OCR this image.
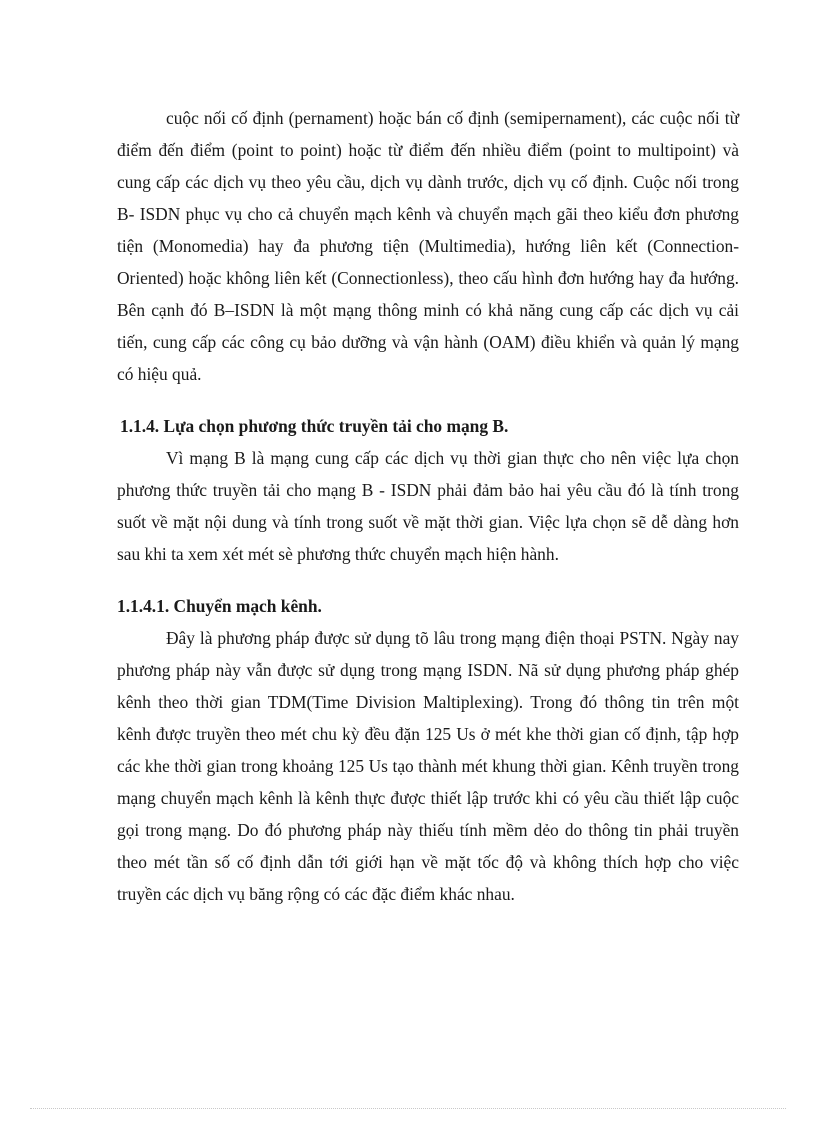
cuộc nối cố định (pernament) hoặc bán cố định (semipernament), các cuộc nối từ điểm đến điểm (point to point) hoặc từ điểm đến nhiều điểm (point to multipoint) và cung cấp các dịch vụ theo yêu cầu, dịch vụ dành trước, dịch vụ cố định. Cuộc nối trong B- ISDN phục vụ cho cả chuyển mạch kênh và chuyển mạch gãi theo kiểu đơn phương tiện (Monomedia) hay đa phương tiện (Multimedia), hướng liên kết (Connection-Oriented) hoặc không liên kết (Connectionless), theo cấu hình đơn hướng hay đa hướng. Bên cạnh đó B–ISDN là một mạng thông minh có khả năng cung cấp các dịch vụ cải tiến, cung cấp các công cụ bảo dưỡng và vận hành (OAM) điều khiển và quản lý mạng có hiệu quả.

1.1.4. Lựa chọn phương thức truyền tải cho mạng B.

Vì mạng B là mạng cung cấp các dịch vụ thời gian thực cho nên việc lựa chọn phương thức truyền tải cho mạng B - ISDN phải đảm bảo hai yêu cầu đó là tính trong suốt về mặt nội dung và tính trong suốt về mặt thời gian. Việc lựa chọn sẽ dễ dàng hơn sau khi ta xem xét mét sè phương thức chuyển mạch hiện hành.

1.1.4.1. Chuyển mạch kênh.

Đây là phương pháp được sử dụng tõ lâu trong mạng điện thoại PSTN. Ngày nay phương pháp này vẫn được sử dụng trong mạng ISDN. Nã sử dụng phương pháp ghép kênh theo thời gian TDM(Time Division Maltiplexing). Trong đó thông tin trên một kênh được truyền theo mét chu kỳ đều đặn 125 Us ở mét khe thời gian cố định, tập hợp các khe thời gian trong khoảng 125 Us tạo thành mét khung thời gian. Kênh truyền trong mạng chuyển mạch kênh là kênh thực được thiết lập trước khi có yêu cầu thiết lập cuộc gọi trong mạng. Do đó phương pháp này thiếu tính mềm dẻo do thông tin phải truyền theo mét tần số cố định dẫn tới giới hạn về mặt tốc độ và không thích hợp cho việc truyền các dịch vụ băng rộng có các đặc điểm khác nhau.
